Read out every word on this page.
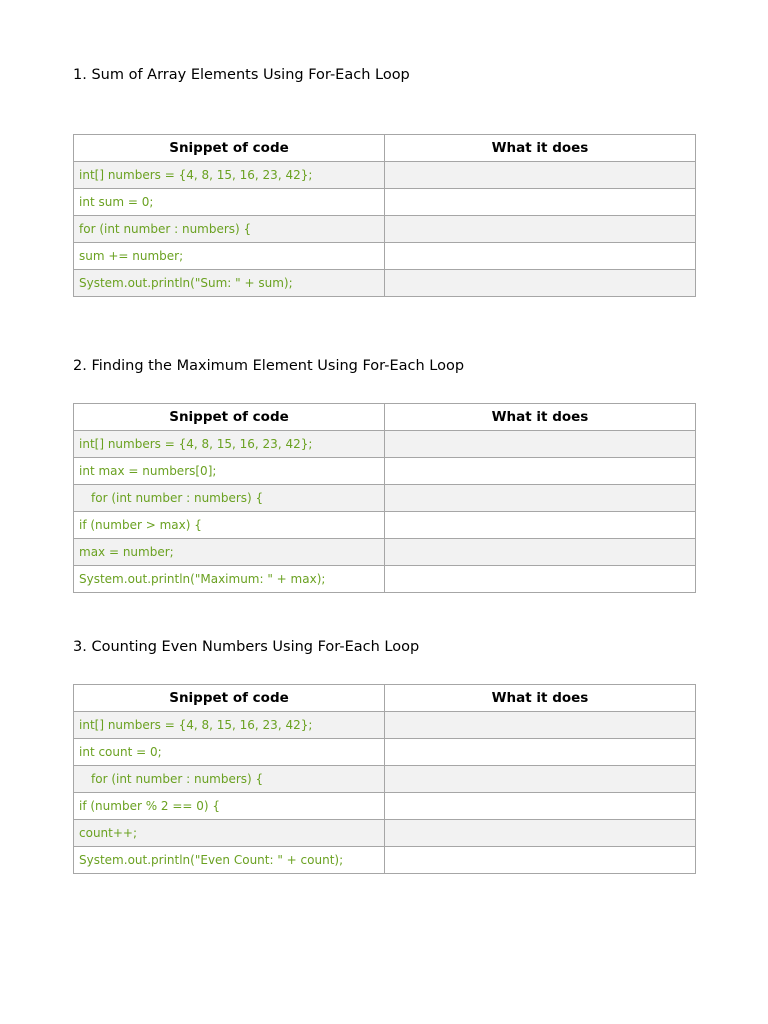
1. Sum of Array Elements Using For-Each Loop
Snippet of code	What it does
int[] numbers = {4, 8, 15, 16, 23, 42};	
int sum = 0;	
for (int number : numbers) {	
sum += number;	
System.out.println("Sum: " + sum);	
2. Finding the Maximum Element Using For-Each Loop
Snippet of code	What it does
int[] numbers = {4, 8, 15, 16, 23, 42};	
int max = numbers[0];	
for (int number : numbers) {	
if (number > max) {	
max = number;	
System.out.println("Maximum: " + max);	
3. Counting Even Numbers Using For-Each Loop
Snippet of code	What it does
int[] numbers = {4, 8, 15, 16, 23, 42};	
int count = 0;	
for (int number : numbers) {	
if (number % 2 == 0) {	
count++;	
System.out.println("Even Count: " + count);	
